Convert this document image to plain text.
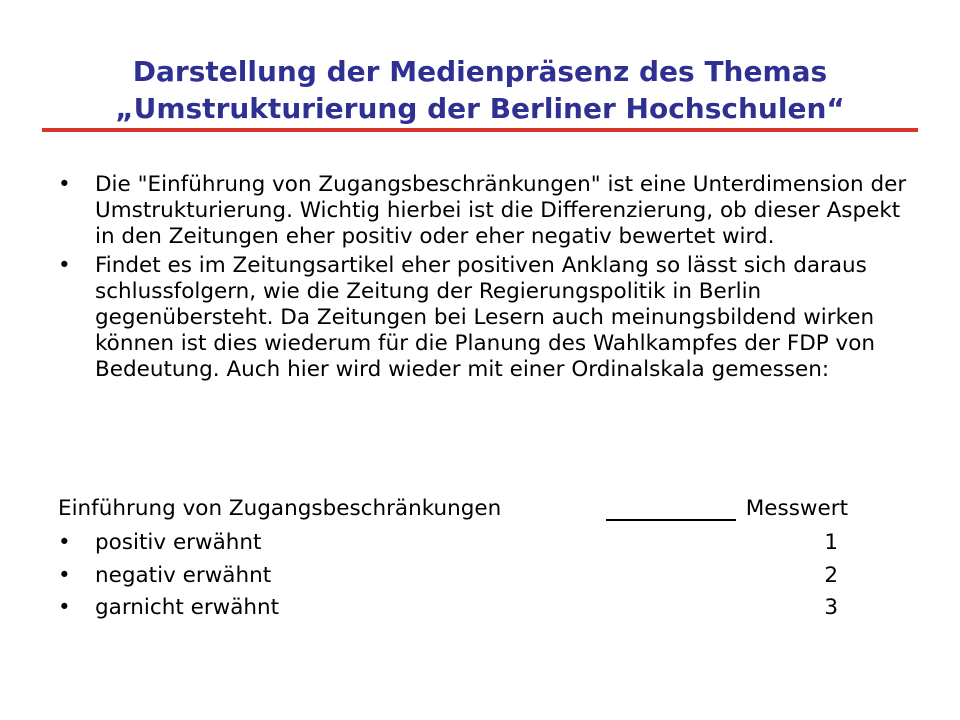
Darstellung der Medienpräsenz des Themas
„Umstrukturierung der Berliner Hochschulen“
•	Die "Einführung von Zugangsbeschränkungen" ist eine Unterdimension der Umstrukturierung. Wichtig hierbei ist die Differenzierung, ob dieser Aspekt in den Zeitungen eher positiv oder eher negativ bewertet wird.
•	Findet es im Zeitungsartikel eher positiven Anklang so lässt sich daraus schlussfolgern, wie die Zeitung der Regierungspolitik in Berlin gegenübersteht. Da Zeitungen bei Lesern auch meinungsbildend wirken können ist dies wiederum für die Planung des Wahlkampfes der FDP von Bedeutung. Auch hier wird wieder mit einer Ordinalskala gemessen:
Einführung von Zugangsbeschränkungen	Messwert
•	positiv erwähnt	1
•	negativ erwähnt	2
•	garnicht erwähnt	3
